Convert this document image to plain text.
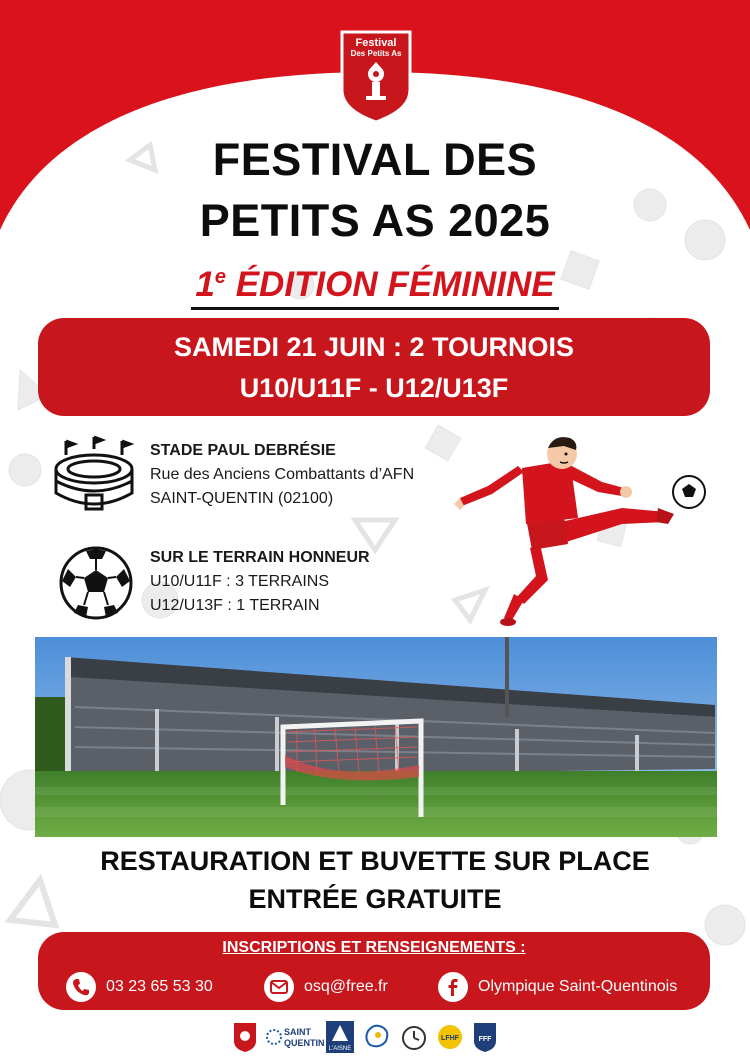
Festival
Des Petits As
FESTIVAL DES
PETITS AS 2025
1e ÉDITION FÉMININE
SAMEDI 21 JUIN : 2 TOURNOIS
U10/U11F - U12/U13F
STADE PAUL DEBRÉSIE
Rue des Anciens Combattants d’AFN
SAINT-QUENTIN (02100)
SUR LE TERRAIN HONNEUR
U10/U11F : 3 TERRAINS
U12/U13F : 1 TERRAIN
RESTAURATION ET BUVETTE SUR PLACE
ENTRÉE GRATUITE
INSCRIPTIONS ET RENSEIGNEMENTS :
03 23 65 53 30	osq@free.fr	Olympique Saint-Quentinois
SAINT
QUENTIN
L'AISNE
LFHF	FFF
